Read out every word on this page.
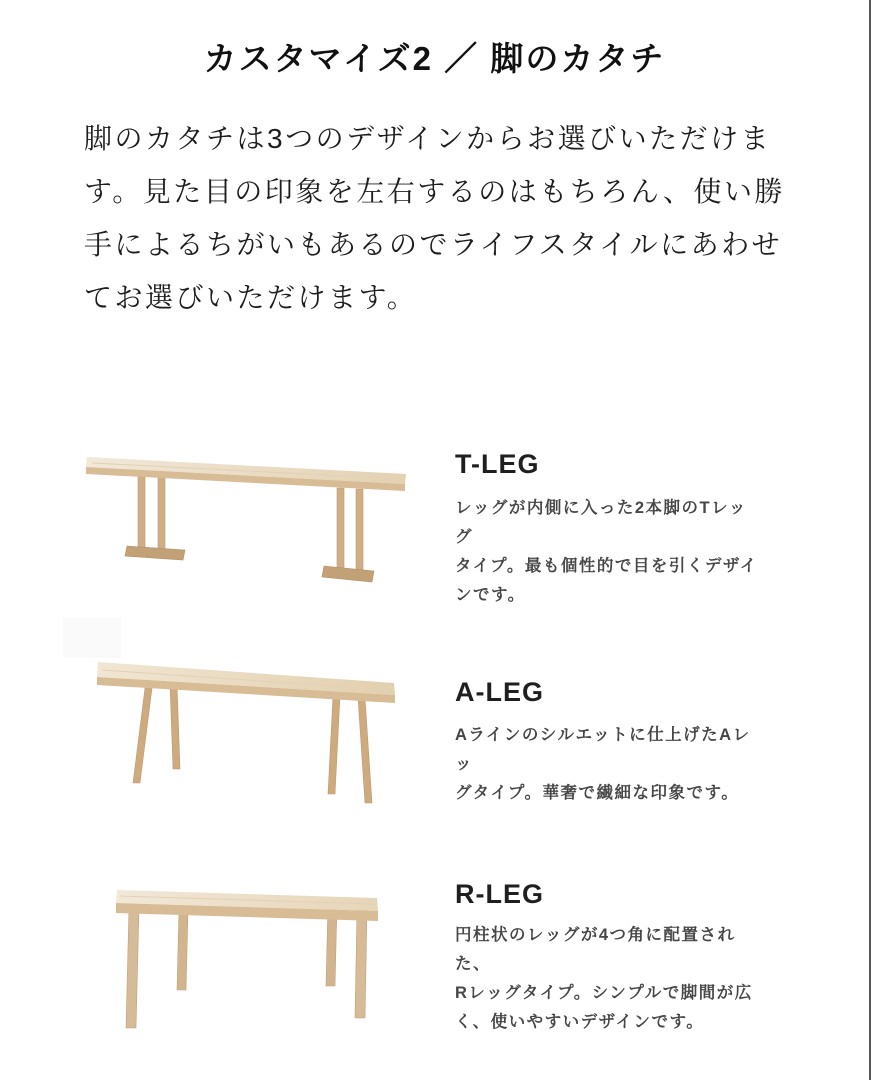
カスタマイズ2 ／ 脚のカタチ

脚のカタチは3つのデザインからお選びいただけま
す。見た目の印象を左右するのはもちろん、使い勝
手によるちがいもあるのでライフスタイルにあわせ
てお選びいただけます。

T-LEG

レッグが内側に入った2本脚のTレッグ
タイプ。最も個性的で目を引くデザイ
ンです。

A-LEG

Aラインのシルエットに仕上げたAレッ
グタイプ。華奢で繊細な印象です。

R-LEG

円柱状のレッグが4つ角に配置された、
Rレッグタイプ。シンプルで脚間が広
く、使いやすいデザインです。
